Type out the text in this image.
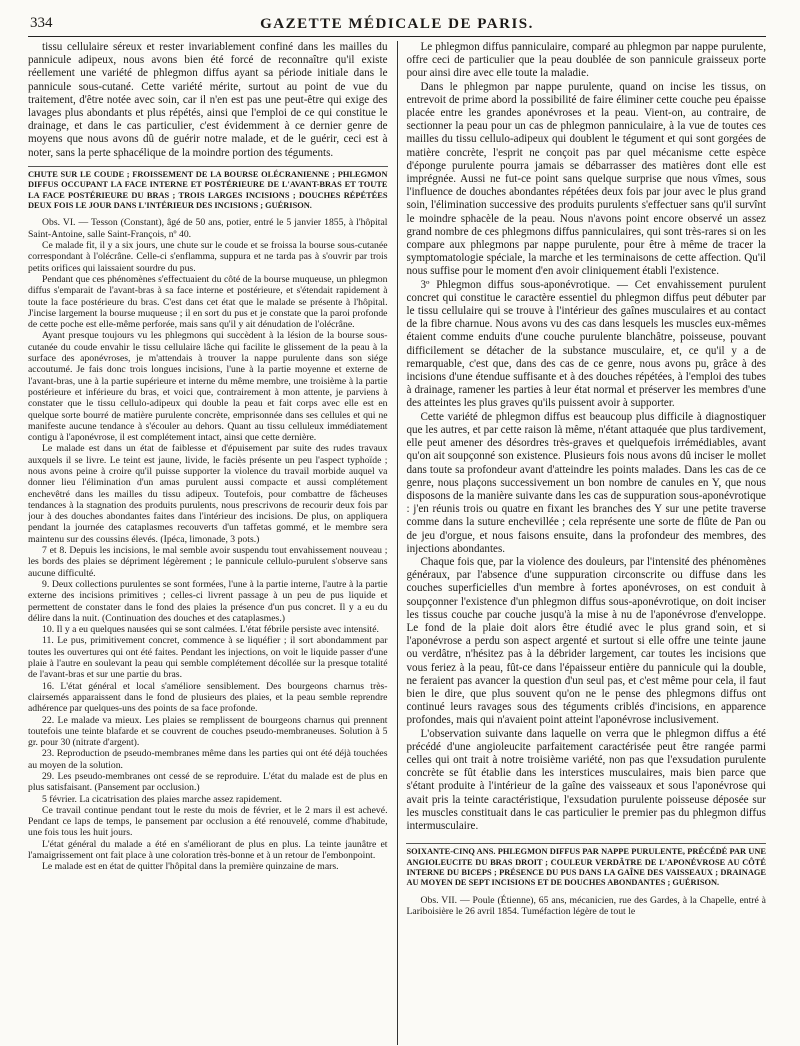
334	GAZETTE MÉDICALE DE PARIS.

tissu cellulaire séreux et rester invariablement confiné dans les mailles du pannicule adipeux, nous avons bien été forcé de reconnaître qu'il existe réellement une variété de phlegmon diffus ayant sa période initiale dans le pannicule sous-cutané. Cette variété mérite, surtout au point de vue du traitement, d'être notée avec soin, car il n'en est pas une peut-être qui exige des lavages plus abondants et plus répétés, ainsi que l'emploi de ce qui constitue le drainage, et dans le cas particulier, c'est évidemment à ce dernier genre de moyens que nous avons dû de guérir notre malade, et de le guérir, ceci est à noter, sans la perte sphacélique de la moindre portion des téguments.

CHUTE SUR LE COUDE ; FROISSEMENT DE LA BOURSE OLÉCRANIENNE ; PHLEGMON DIFFUS OCCUPANT LA FACE INTERNE ET POSTÉRIEURE DE L'AVANT-BRAS ET TOUTE LA FACE POSTÉRIEURE DU BRAS ; TROIS LARGES INCISIONS ; DOUCHES RÉPÉTÉES DEUX FOIS LE JOUR DANS L'INTÉRIEUR DES INCISIONS ; GUÉRISON.

Obs. VI. — Tesson (Constant), âgé de 50 ans, potier, entré le 5 janvier 1855, à l'hôpital Saint-Antoine, salle Saint-François, nº 40.

Ce malade fit, il y a six jours, une chute sur le coude et se froissa la bourse sous-cutanée correspondant à l'olécrâne. Celle-ci s'enflamma, suppura et ne tarda pas à s'ouvrir par trois petits orifices qui laissaient sourdre du pus.

Pendant que ces phénomènes s'effectuaient du côté de la bourse muqueuse, un phlegmon diffus s'emparait de l'avant-bras à sa face interne et postérieure, et s'étendait rapidement à toute la face postérieure du bras. C'est dans cet état que le malade se présente à l'hôpital. J'incise largement la bourse muqueuse ; il en sort du pus et je constate que la paroi profonde de cette poche est elle-même perforée, mais sans qu'il y ait dénudation de l'olécrâne.

Ayant presque toujours vu les phlegmons qui succèdent à la lésion de la bourse sous-cutanée du coude envahir le tissu cellulaire lâche qui facilite le glissement de la peau à la surface des aponévroses, je m'attendais à trouver la nappe purulente dans son siége accoutumé. Je fais donc trois longues incisions, l'une à la partie moyenne et externe de l'avant-bras, une à la partie supérieure et interne du même membre, une troisième à la partie postérieure et inférieure du bras, et voici que, contrairement à mon attente, je parviens à constater que le tissu cellulo-adipeux qui double la peau et fait corps avec elle est en quelque sorte bourré de matière purulente concrète, emprisonnée dans ses cellules et qui ne manifeste aucune tendance à s'écouler au dehors. Quant au tissu celluleux immédiatement contigu à l'aponévrose, il est complétement intact, ainsi que cette dernière.

Le malade est dans un état de faiblesse et d'épuisement par suite des rudes travaux auxquels il se livre. Le teint est jaune, livide, le faciès présente un peu l'aspect typhoïde ; nous avons peine à croire qu'il puisse supporter la violence du travail morbide auquel va donner lieu l'élimination d'un amas purulent aussi compacte et aussi complétement enchevêtré dans les mailles du tissu adipeux. Toutefois, pour combattre de fâcheuses tendances à la stagnation des produits purulents, nous prescrivons de recourir deux fois par jour à des douches abondantes faites dans l'intérieur des incisions. De plus, on appliquera pendant la journée des cataplasmes recouverts d'un taffetas gommé, et le membre sera maintenu sur des coussins élevés. (Ipéca, limonade, 3 pots.)

7 et 8. Depuis les incisions, le mal semble avoir suspendu tout envahissement nouveau ; les bords des plaies se dépriment légèrement ; le pannicule cellulo-purulent s'observe sans aucune difficulté.

9. Deux collections purulentes se sont formées, l'une à la partie interne, l'autre à la partie externe des incisions primitives ; celles-ci livrent passage à un peu de pus liquide et permettent de constater dans le fond des plaies la présence d'un pus concret. Il y a eu du délire dans la nuit. (Continuation des douches et des cataplasmes.)

10. Il y a eu quelques nausées qui se sont calmées. L'état fébrile persiste avec intensité.

11. Le pus, primitivement concret, commence à se liquéfier ; il sort abondamment par toutes les ouvertures qui ont été faites. Pendant les injections, on voit le liquide passer d'une plaie à l'autre en soulevant la peau qui semble complétement décollée sur la presque totalité de l'avant-bras et sur une partie du bras.

16. L'état général et local s'améliore sensiblement. Des bourgeons charnus très-clairsemés apparaissent dans le fond de plusieurs des plaies, et la peau semble reprendre adhérence par quelques-uns des points de sa face profonde.

22. Le malade va mieux. Les plaies se remplissent de bourgeons charnus qui prennent toutefois une teinte blafarde et se couvrent de couches pseudo-membraneuses. Solution à 5 gr. pour 30 (nitrate d'argent).

23. Reproduction de pseudo-membranes même dans les parties qui ont été déjà touchées au moyen de la solution.

29. Les pseudo-membranes ont cessé de se reproduire. L'état du malade est de plus en plus satisfaisant. (Pansement par occlusion.)

5 février. La cicatrisation des plaies marche assez rapidement.

Ce travail continue pendant tout le reste du mois de février, et le 2 mars il est achevé. Pendant ce laps de temps, le pansement par occlusion a été renouvelé, comme d'habitude, une fois tous les huit jours.

L'état général du malade a été en s'améliorant de plus en plus. La teinte jaunâtre et l'amaigrissement ont fait place à une coloration très-bonne et à un retour de l'embonpoint.

Le malade est en état de quitter l'hôpital dans la première quinzaine de mars.

Le phlegmon diffus panniculaire, comparé au phlegmon par nappe purulente, offre ceci de particulier que la peau doublée de son pannicule graisseux porte pour ainsi dire avec elle toute la maladie.

Dans le phlegmon par nappe purulente, quand on incise les tissus, on entrevoit de prime abord la possibilité de faire éliminer cette couche peu épaisse placée entre les grandes aponévroses et la peau. Vient-on, au contraire, de sectionner la peau pour un cas de phlegmon panniculaire, à la vue de toutes ces mailles du tissu cellulo-adipeux qui doublent le tégument et qui sont gorgées de matière concrète, l'esprit ne conçoit pas par quel mécanisme cette espèce d'éponge purulente pourra jamais se débarrasser des matières dont elle est imprégnée. Aussi ne fut-ce point sans quelque surprise que nous vîmes, sous l'influence de douches abondantes répétées deux fois par jour avec le plus grand soin, l'élimination successive des produits purulents s'effectuer sans qu'il survînt le moindre sphacèle de la peau. Nous n'avons point encore observé un assez grand nombre de ces phlegmons diffus panniculaires, qui sont très-rares si on les compare aux phlegmons par nappe purulente, pour être à même de tracer la symptomatologie spéciale, la marche et les terminaisons de cette affection. Qu'il nous suffise pour le moment d'en avoir cliniquement établi l'existence.

3º Phlegmon diffus sous-aponévrotique. — Cet envahissement purulent concret qui constitue le caractère essentiel du phlegmon diffus peut débuter par le tissu cellulaire qui se trouve à l'intérieur des gaînes musculaires et au contact de la fibre charnue. Nous avons vu des cas dans lesquels les muscles eux-mêmes étaient comme enduits d'une couche purulente blanchâtre, poisseuse, pouvant difficilement se détacher de la substance musculaire, et, ce qu'il y a de remarquable, c'est que, dans des cas de ce genre, nous avons pu, grâce à des incisions d'une étendue suffisante et à des douches répétées, à l'emploi des tubes à drainage, ramener les parties à leur état normal et préserver les membres d'une des atteintes les plus graves qu'ils puissent avoir à supporter.

Cette variété de phlegmon diffus est beaucoup plus difficile à diagnostiquer que les autres, et par cette raison là même, n'étant attaquée que plus tardivement, elle peut amener des désordres très-graves et quelquefois irrémédiables, avant qu'on ait soupçonné son existence. Plusieurs fois nous avons dû inciser le mollet dans toute sa profondeur avant d'atteindre les points malades. Dans les cas de ce genre, nous plaçons successivement un bon nombre de canules en Y, que nous disposons de la manière suivante dans les cas de suppuration sous-aponévrotique : j'en réunis trois ou quatre en fixant les branches des Y sur une petite traverse comme dans la suture enchevillée ; cela représente une sorte de flûte de Pan ou de jeu d'orgue, et nous faisons ensuite, dans la profondeur des membres, des injections abondantes.

Chaque fois que, par la violence des douleurs, par l'intensité des phénomènes généraux, par l'absence d'une suppuration circonscrite ou diffuse dans les couches superficielles d'un membre à fortes aponévroses, on est conduit à soupçonner l'existence d'un phlegmon diffus sous-aponévrotique, on doit inciser les tissus couche par couche jusqu'à la mise à nu de l'aponévrose d'enveloppe. Le fond de la plaie doit alors être étudié avec le plus grand soin, et si l'aponévrose a perdu son aspect argenté et surtout si elle offre une teinte jaune ou verdâtre, n'hésitez pas à la débrider largement, car toutes les incisions que vous feriez à la peau, fût-ce dans l'épaisseur entière du pannicule qui la double, ne feraient pas avancer la question d'un seul pas, et c'est même pour cela, il faut bien le dire, que plus souvent qu'on ne le pense des phlegmons diffus ont continué leurs ravages sous des téguments criblés d'incisions, en apparence profondes, mais qui n'avaient point atteint l'aponévrose inclusivement.

L'observation suivante dans laquelle on verra que le phlegmon diffus a été précédé d'une angioleucite parfaitement caractérisée peut être rangée parmi celles qui ont trait à notre troisième variété, non pas que l'exsudation purulente concrète se fût établie dans les interstices musculaires, mais bien parce que s'étant produite à l'intérieur de la gaîne des vaisseaux et sous l'aponévrose qui avait pris la teinte caractéristique, l'exsudation purulente poisseuse déposée sur les muscles constituait dans le cas particulier le premier pas du phlegmon diffus intermusculaire.

SOIXANTE-CINQ ANS. PHLEGMON DIFFUS PAR NAPPE PURULENTE, PRÉCÉDÉ PAR UNE ANGIOLEUCITE DU BRAS DROIT ; COULEUR VERDÂTRE DE L'APONÉVROSE AU CÔTÉ INTERNE DU BICEPS ; PRÉSENCE DU PUS DANS LA GAÎNE DES VAISSEAUX ; DRAINAGE AU MOYEN DE SEPT INCISIONS ET DE DOUCHES ABONDANTES ; GUÉRISON.

Obs. VII. — Poule (Étienne), 65 ans, mécanicien, rue des Gardes, à la Chapelle, entré à Lariboisière le 26 avril 1854. Tuméfaction légère de tout le
